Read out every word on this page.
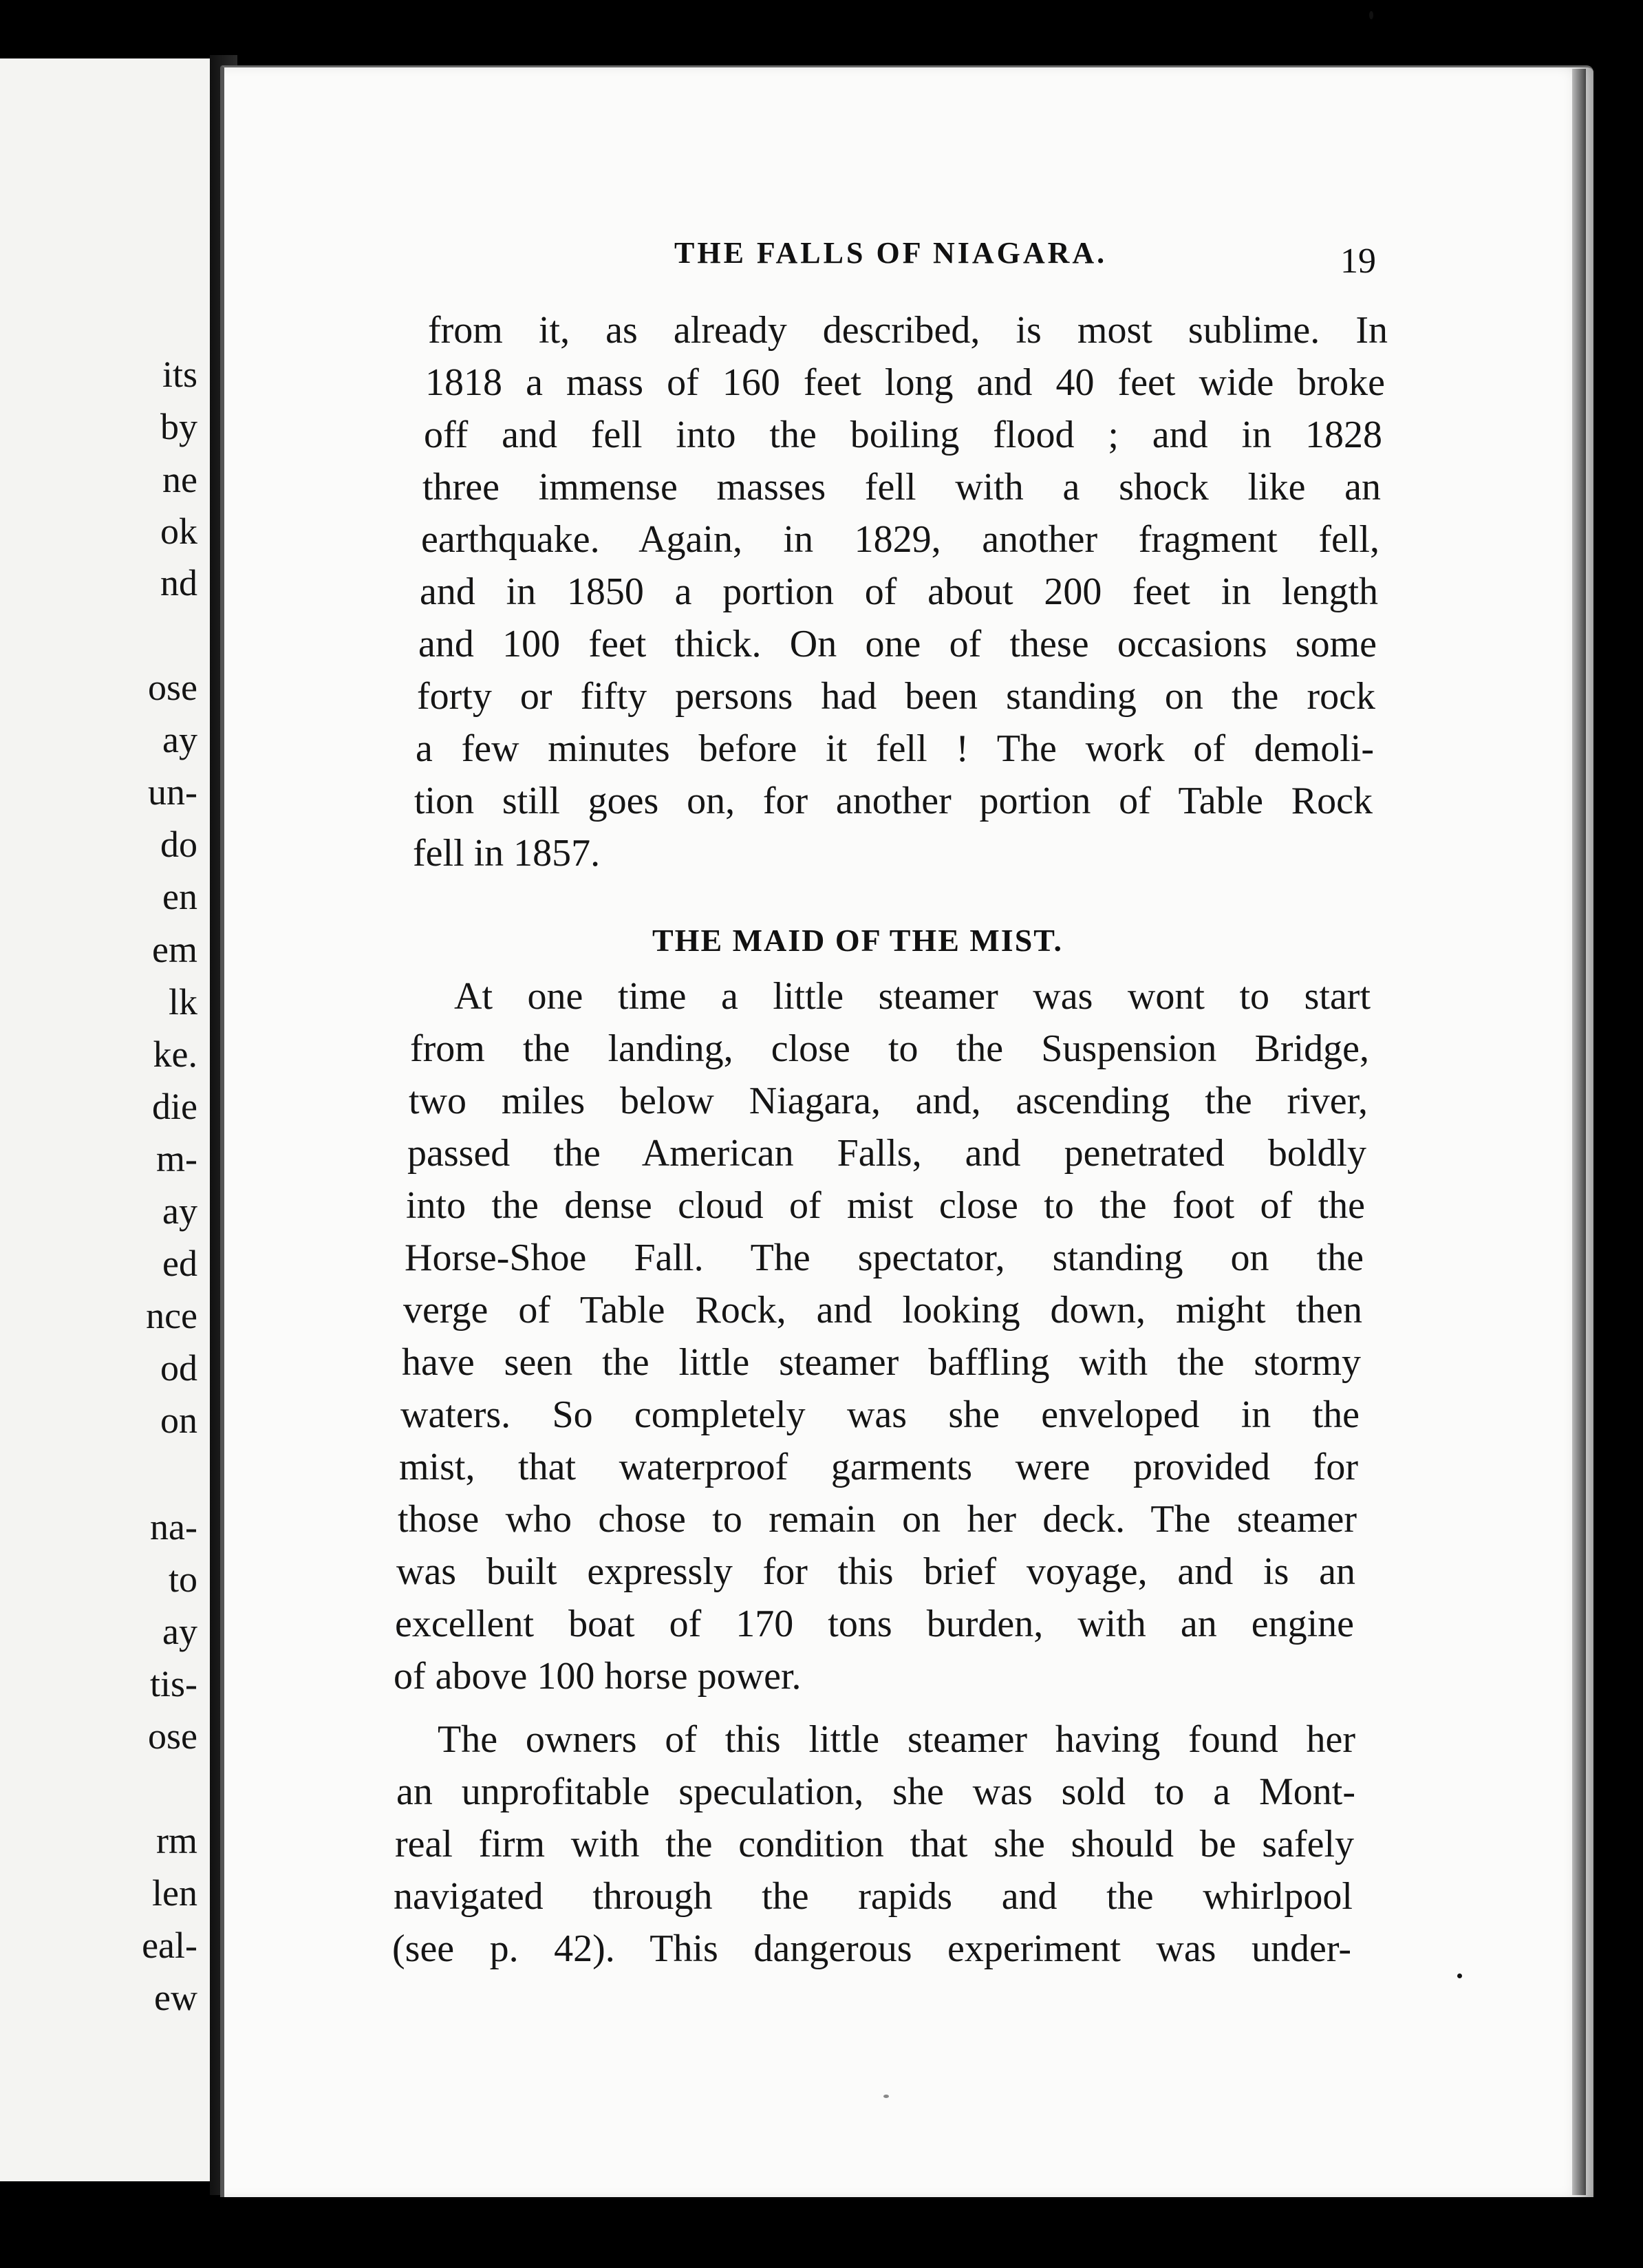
its
by
ne
ok
nd
ose
ay
un-
do
en
em
lk
ke.
die
m-
ay
ed
nce
od
on
na-
to
ay
tis-
ose
rm
len
eal-
ew
THE FALLS OF NIAGARA.	19
from it, as already described, is most sublime. In
1818 a mass of 160 feet long and 40 feet wide broke
off and fell into the boiling flood ; and in 1828
three immense masses fell with a shock like an
earthquake. Again, in 1829, another fragment fell,
and in 1850 a portion of about 200 feet in length
and 100 feet thick. On one of these occasions some
forty or fifty persons had been standing on the rock
a few minutes before it fell ! The work of demoli-
tion still goes on, for another portion of Table Rock
fell in 1857.
THE MAID OF THE MIST.
At one time a little steamer was wont to start
from the landing, close to the Suspension Bridge,
two miles below Niagara, and, ascending the river,
passed the American Falls, and penetrated boldly
into the dense cloud of mist close to the foot of the
Horse-Shoe Fall. The spectator, standing on the
verge of Table Rock, and looking down, might then
have seen the little steamer baffling with the stormy
waters. So completely was she enveloped in the
mist, that waterproof garments were provided for
those who chose to remain on her deck. The steamer
was built expressly for this brief voyage, and is an
excellent boat of 170 tons burden, with an engine
of above 100 horse power.
The owners of this little steamer having found her
an unprofitable speculation, she was sold to a Mont-
real firm with the condition that she should be safely
navigated through the rapids and the whirlpool
(see p. 42). This dangerous experiment was under-
